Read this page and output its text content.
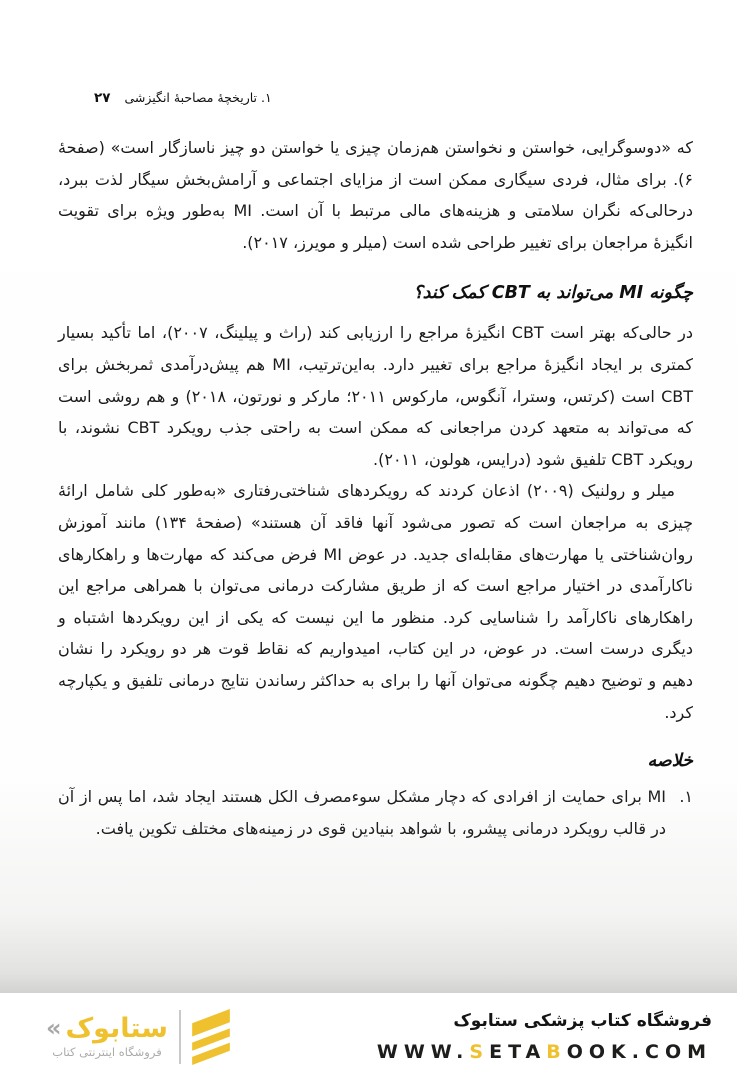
۲۷ ۱. تاریخچهٔ مصاحبهٔ انگیزشی

که «دوسوگرایی، خواستن و نخواستن هم‌زمان چیزی یا خواستن دو چیز ناسازگار است» (صفحهٔ ۶). برای مثال، فردی سیگاری ممکن است از مزایای اجتماعی و آرامش‌بخش سیگار لذت ببرد، درحالی‌که نگران سلامتی و هزینه‌های مالی مرتبط با آن است. MI به‌طور ویژه برای تقویت انگیزهٔ مراجعان برای تغییر طراحی شده است (میلر و مویرز، ۲۰۱۷).

چگونه MI می‌تواند به CBT کمک کند؟

در حالی‌که بهتر است CBT انگیزهٔ مراجع را ارزیابی کند (راث و پیلینگ، ۲۰۰۷)، اما تأکید بسیار کمتری بر ایجاد انگیزهٔ مراجع برای تغییر دارد. به‌این‌ترتیب، MI هم پیش‌درآمدی ثمربخش برای CBT است (کرتس، وسترا، آنگوس، مارکوس ۲۰۱۱؛ مارکر و نورتون، ۲۰۱۸) و هم روشی است که می‌تواند به متعهد کردن مراجعانی که ممکن است به راحتی جذب رویکرد CBT نشوند، با رویکرد CBT تلفیق شود (درایس، هولون، ۲۰۱۱).

میلر و رولنیک (۲۰۰۹) اذعان کردند که رویکردهای شناختی‌رفتاری «به‌طور کلی شامل ارائهٔ چیزی به مراجعان است که تصور می‌شود آنها فاقد آن هستند» (صفحهٔ ۱۳۴) مانند آموزش روان‌شناختی یا مهارت‌های مقابله‌ای جدید. در عوض MI فرض می‌کند که مهارت‌ها و راهکارهای ناکارآمدی در اختیار مراجع است که از طریق مشارکت درمانی می‌توان با همراهی مراجع این راهکارهای ناکارآمد را شناسایی کرد. منظور ما این نیست که یکی از این رویکردها اشتباه و دیگری درست است. در عوض، در این کتاب، امیدواریم که نقاط قوت هر دو رویکرد را نشان دهیم و توضیح دهیم چگونه می‌توان آنها را برای به حداکثر رساندن نتایج درمانی تلفیق و یکپارچه کرد.

خلاصه
۱.
MI برای حمایت از افرادی که دچار مشکل سوءمصرف الکل هستند ایجاد شد، اما پس از آن در قالب رویکرد درمانی پیشرو، با شواهد بنیادین قوی در زمینه‌های مختلف تکوین یافت.
« ستابوک
فروشگاه اینترنتی کتاب
فروشگاه کتاب پزشکی ستابوک
WWW.SETABOOK.COM
